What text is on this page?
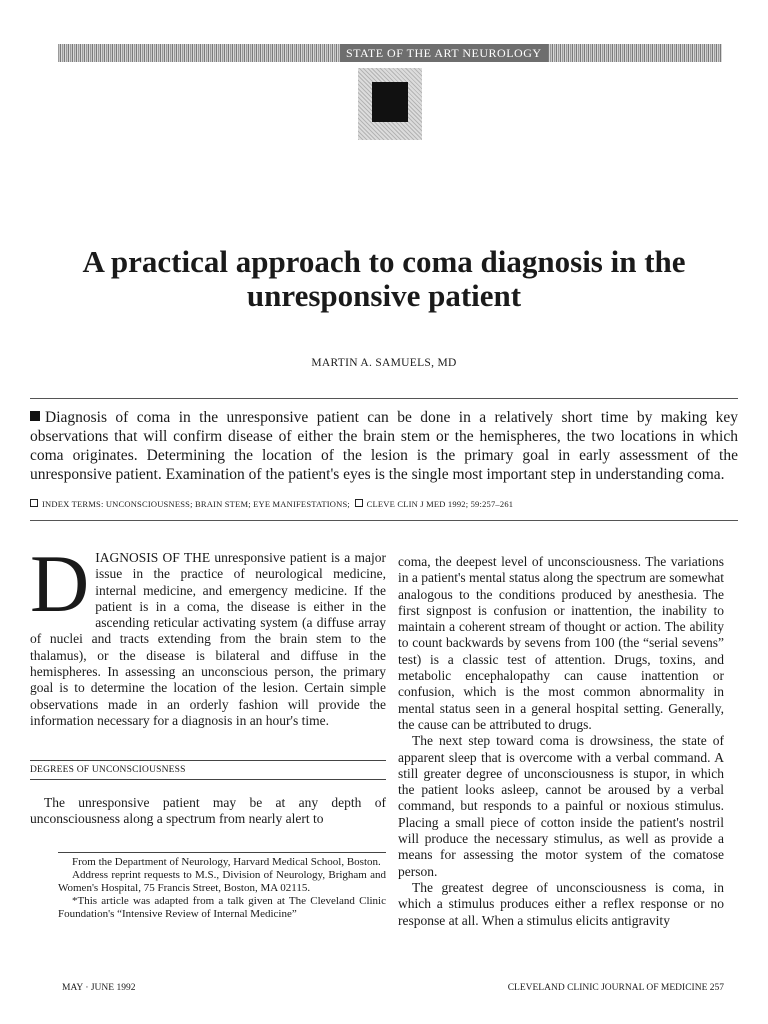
STATE OF THE ART NEUROLOGY
A practical approach to coma diagnosis in the unresponsive patient
MARTIN A. SAMUELS, MD

Diagnosis of coma in the unresponsive patient can be done in a relatively short time by making key observations that will confirm disease of either the brain stem or the hemispheres, the two locations in which coma originates. Determining the location of the lesion is the primary goal in early assessment of the unresponsive patient. Examination of the patient's eyes is the single most important step in understanding coma.

INDEX TERMS: UNCONSCIOUSNESS; BRAIN STEM; EYE MANIFESTATIONS; CLEVE CLIN J MED 1992; 59:257–261

DIAGNOSIS OF THE unresponsive patient is a major issue in the practice of neurological medicine, internal medicine, and emergency medicine. If the patient is in a coma, the disease is either in the ascending reticular activating system (a diffuse array of nuclei and tracts extending from the brain stem to the thalamus), or the disease is bilateral and diffuse in the hemispheres. In assessing an unconscious person, the primary goal is to determine the location of the lesion. Certain simple observations made in an orderly fashion will provide the information necessary for a diagnosis in an hour's time.

DEGREES OF UNCONSCIOUSNESS

The unresponsive patient may be at any depth of unconsciousness along a spectrum from nearly alert to

From the Department of Neurology, Harvard Medical School, Boston.

Address reprint requests to M.S., Division of Neurology, Brigham and Women's Hospital, 75 Francis Street, Boston, MA 02115.

*This article was adapted from a talk given at The Cleveland Clinic Foundation's “Intensive Review of Internal Medicine”

coma, the deepest level of unconsciousness. The variations in a patient's mental status along the spectrum are somewhat analogous to the conditions produced by anesthesia. The first signpost is confusion or inattention, the inability to maintain a coherent stream of thought or action. The ability to count backwards by sevens from 100 (the “serial sevens” test) is a classic test of attention. Drugs, toxins, and metabolic encephalopathy can cause inattention or confusion, which is the most common abnormality in mental status seen in a general hospital setting. Generally, the cause can be attributed to drugs.

The next step toward coma is drowsiness, the state of apparent sleep that is overcome with a verbal command. A still greater degree of unconsciousness is stupor, in which the patient looks asleep, cannot be aroused by a verbal command, but responds to a painful or noxious stimulus. Placing a small piece of cotton inside the patient's nostril will produce the necessary stimulus, as well as provide a means for assessing the motor system of the comatose person.

The greatest degree of unconsciousness is coma, in which a stimulus produces either a reflex response or no response at all. When a stimulus elicits antigravity

MAY · JUNE 1992	CLEVELAND CLINIC JOURNAL OF MEDICINE 257
